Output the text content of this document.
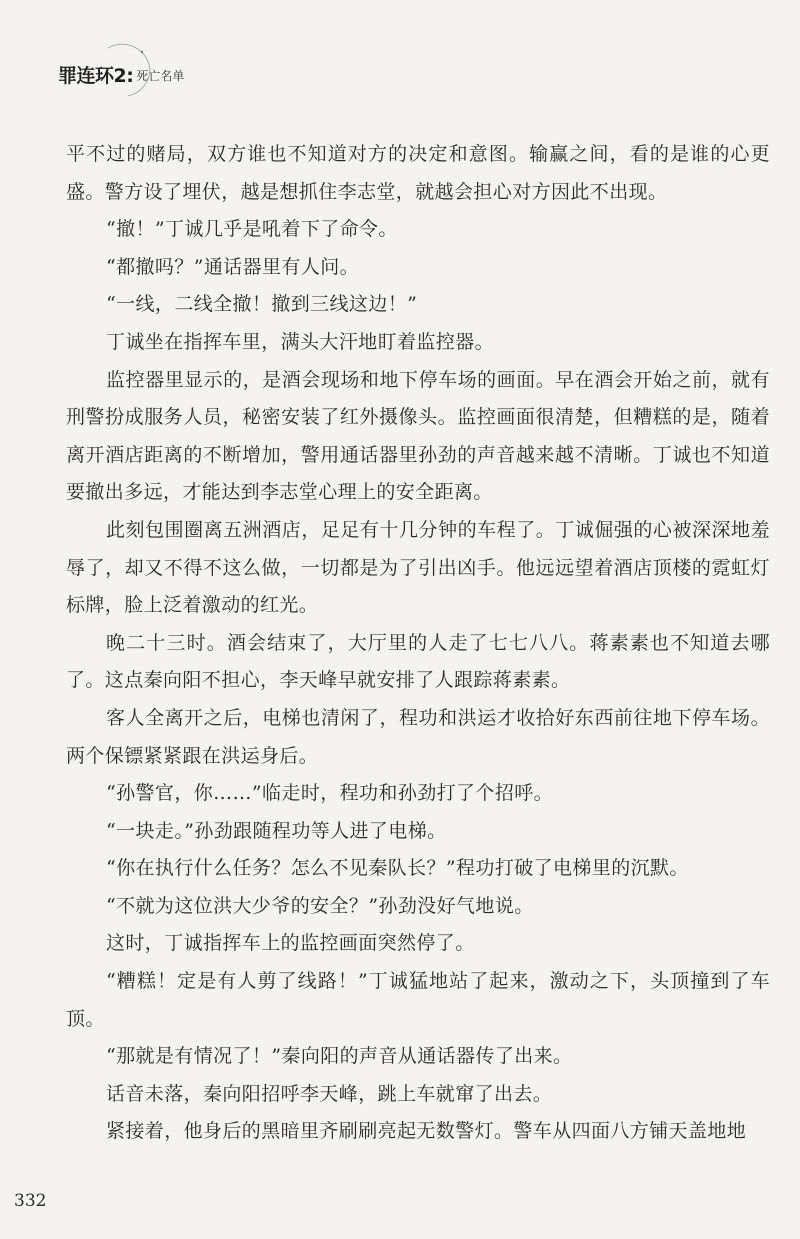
罪连环2: 死亡名单

平不过的赌局，双方谁也不知道对方的决定和意图。输赢之间，看的是谁的心更盛。警方设了埋伏，越是想抓住李志堂，就越会担心对方因此不出现。

“撤！”丁诚几乎是吼着下了命令。

“都撤吗？”通话器里有人问。

“一线，二线全撤！撤到三线这边！”

丁诚坐在指挥车里，满头大汗地盯着监控器。

监控器里显示的，是酒会现场和地下停车场的画面。早在酒会开始之前，就有刑警扮成服务人员，秘密安装了红外摄像头。监控画面很清楚，但糟糕的是，随着离开酒店距离的不断增加，警用通话器里孙劲的声音越来越不清晰。丁诚也不知道要撤出多远，才能达到李志堂心理上的安全距离。

此刻包围圈离五洲酒店，足足有十几分钟的车程了。丁诚倔强的心被深深地羞辱了，却又不得不这么做，一切都是为了引出凶手。他远远望着酒店顶楼的霓虹灯标牌，脸上泛着激动的红光。

晚二十三时。酒会结束了，大厅里的人走了七七八八。蒋素素也不知道去哪了。这点秦向阳不担心，李天峰早就安排了人跟踪蒋素素。

客人全离开之后，电梯也清闲了，程功和洪运才收拾好东西前往地下停车场。两个保镖紧紧跟在洪运身后。

“孙警官，你……”临走时，程功和孙劲打了个招呼。

“一块走。”孙劲跟随程功等人进了电梯。

“你在执行什么任务？怎么不见秦队长？”程功打破了电梯里的沉默。

“不就为这位洪大少爷的安全？”孙劲没好气地说。

这时，丁诚指挥车上的监控画面突然停了。

“糟糕！定是有人剪了线路！”丁诚猛地站了起来，激动之下，头顶撞到了车顶。

“那就是有情况了！”秦向阳的声音从通话器传了出来。

话音未落，秦向阳招呼李天峰，跳上车就窜了出去。

紧接着，他身后的黑暗里齐刷刷亮起无数警灯。警车从四面八方铺天盖地地

332
